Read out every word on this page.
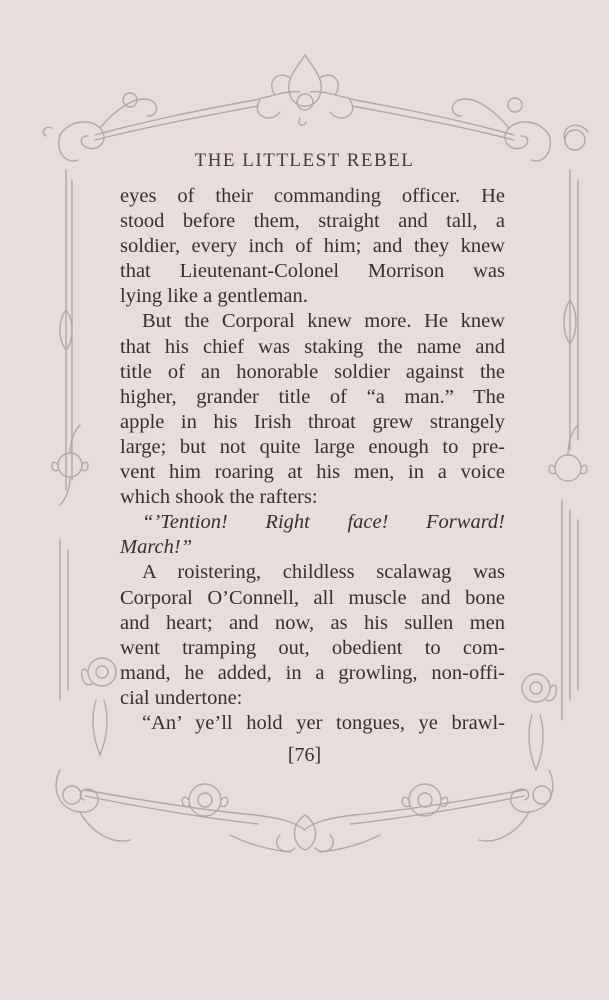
THE LITTLEST REBEL
eyes of their commanding officer. He
stood before them, straight and tall, a
soldier, every inch of him; and they knew
that Lieutenant-Colonel Morrison was
lying like a gentleman.
But the Corporal knew more. He knew
that his chief was staking the name and
title of an honorable soldier against the
higher, grander title of “a man.” The
apple in his Irish throat grew strangely
large; but not quite large enough to pre-
vent him roaring at his men, in a voice
which shook the rafters:
“’Tention! Right face! Forward!
March!”
A roistering, childless scalawag was
Corporal O’Connell, all muscle and bone
and heart; and now, as his sullen men
went tramping out, obedient to com-
mand, he added, in a growling, non-offi-
cial undertone:
“An’ ye’ll hold yer tongues, ye brawl-
[76]
